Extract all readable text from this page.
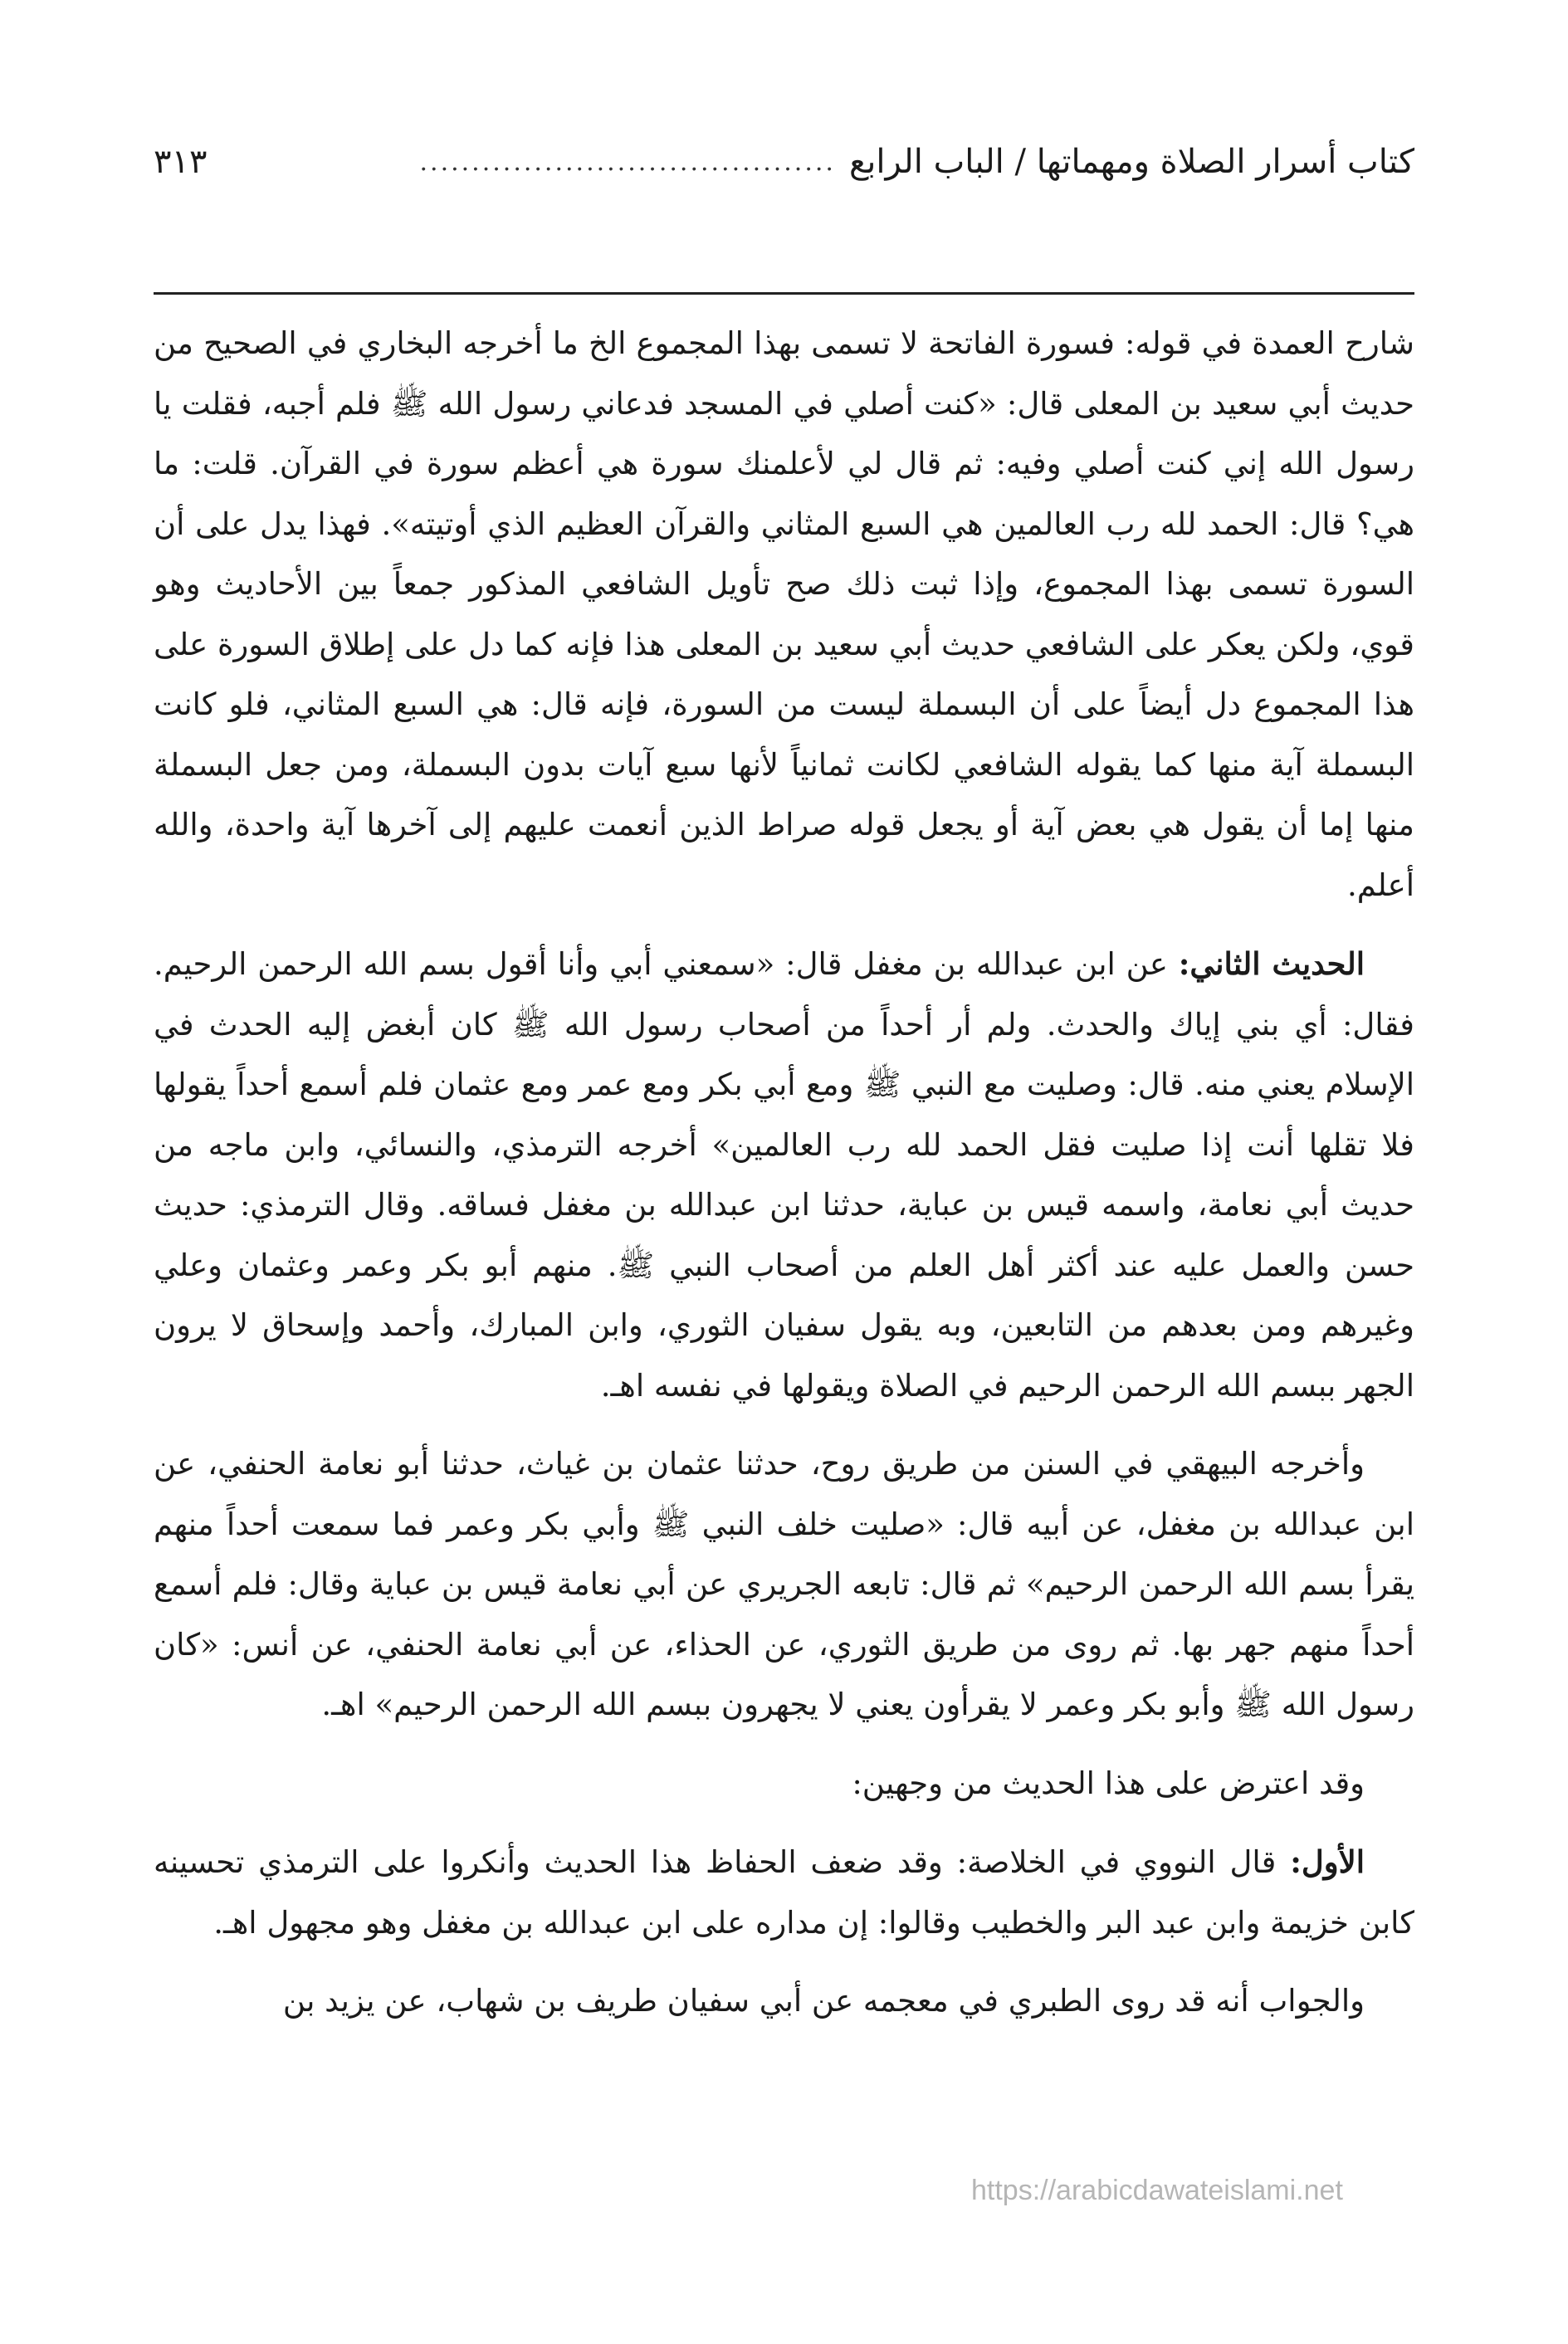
كتاب أسرار الصلاة ومهماتها / الباب الرابع
........................................
٣١٣

شارح العمدة في قوله: فسورة الفاتحة لا تسمى بهذا المجموع الخ ما أخرجه البخاري في الصحيح من حديث أبي سعيد بن المعلى قال: «كنت أصلي في المسجد فدعاني رسول الله ﷺ فلم أجبه، فقلت يا رسول الله إني كنت أصلي وفيه: ثم قال لي لأعلمنك سورة هي أعظم سورة في القرآن. قلت: ما هي؟ قال: الحمد لله رب العالمين هي السبع المثاني والقرآن العظيم الذي أوتيته». فهذا يدل على أن السورة تسمى بهذا المجموع، وإذا ثبت ذلك صح تأويل الشافعي المذكور جمعاً بين الأحاديث وهو قوي، ولكن يعكر على الشافعي حديث أبي سعيد بن المعلى هذا فإنه كما دل على إطلاق السورة على هذا المجموع دل أيضاً على أن البسملة ليست من السورة، فإنه قال: هي السبع المثاني، فلو كانت البسملة آية منها كما يقوله الشافعي لكانت ثمانياً لأنها سبع آيات بدون البسملة، ومن جعل البسملة منها إما أن يقول هي بعض آية أو يجعل قوله صراط الذين أنعمت عليهم إلى آخرها آية واحدة، والله أعلم.

الحديث الثاني: عن ابن عبدالله بن مغفل قال: «سمعني أبي وأنا أقول بسم الله الرحمن الرحيم. فقال: أي بني إياك والحدث. ولم أر أحداً من أصحاب رسول الله ﷺ كان أبغض إليه الحدث في الإسلام يعني منه. قال: وصليت مع النبي ﷺ ومع أبي بكر ومع عمر ومع عثمان فلم أسمع أحداً يقولها فلا تقلها أنت إذا صليت فقل الحمد لله رب العالمين» أخرجه الترمذي، والنسائي، وابن ماجه من حديث أبي نعامة، واسمه قيس بن عباية، حدثنا ابن عبدالله بن مغفل فساقه. وقال الترمذي: حديث حسن والعمل عليه عند أكثر أهل العلم من أصحاب النبي ﷺ. منهم أبو بكر وعمر وعثمان وعلي وغيرهم ومن بعدهم من التابعين، وبه يقول سفيان الثوري، وابن المبارك، وأحمد وإسحاق لا يرون الجهر ببسم الله الرحمن الرحيم في الصلاة ويقولها في نفسه اهـ.

وأخرجه البيهقي في السنن من طريق روح، حدثنا عثمان بن غياث، حدثنا أبو نعامة الحنفي، عن ابن عبدالله بن مغفل، عن أبيه قال: «صليت خلف النبي ﷺ وأبي بكر وعمر فما سمعت أحداً منهم يقرأ بسم الله الرحمن الرحيم» ثم قال: تابعه الجريري عن أبي نعامة قيس بن عباية وقال: فلم أسمع أحداً منهم جهر بها. ثم روى من طريق الثوري، عن الحذاء، عن أبي نعامة الحنفي، عن أنس: «كان رسول الله ﷺ وأبو بكر وعمر لا يقرأون يعني لا يجهرون ببسم الله الرحمن الرحيم» اهـ.

وقد اعترض على هذا الحديث من وجهين:

الأول: قال النووي في الخلاصة: وقد ضعف الحفاظ هذا الحديث وأنكروا على الترمذي تحسينه كابن خزيمة وابن عبد البر والخطيب وقالوا: إن مداره على ابن عبدالله بن مغفل وهو مجهول اهـ.

والجواب أنه قد روى الطبري في معجمه عن أبي سفيان طريف بن شهاب، عن يزيد بن

https://arabicdawateislami.net
